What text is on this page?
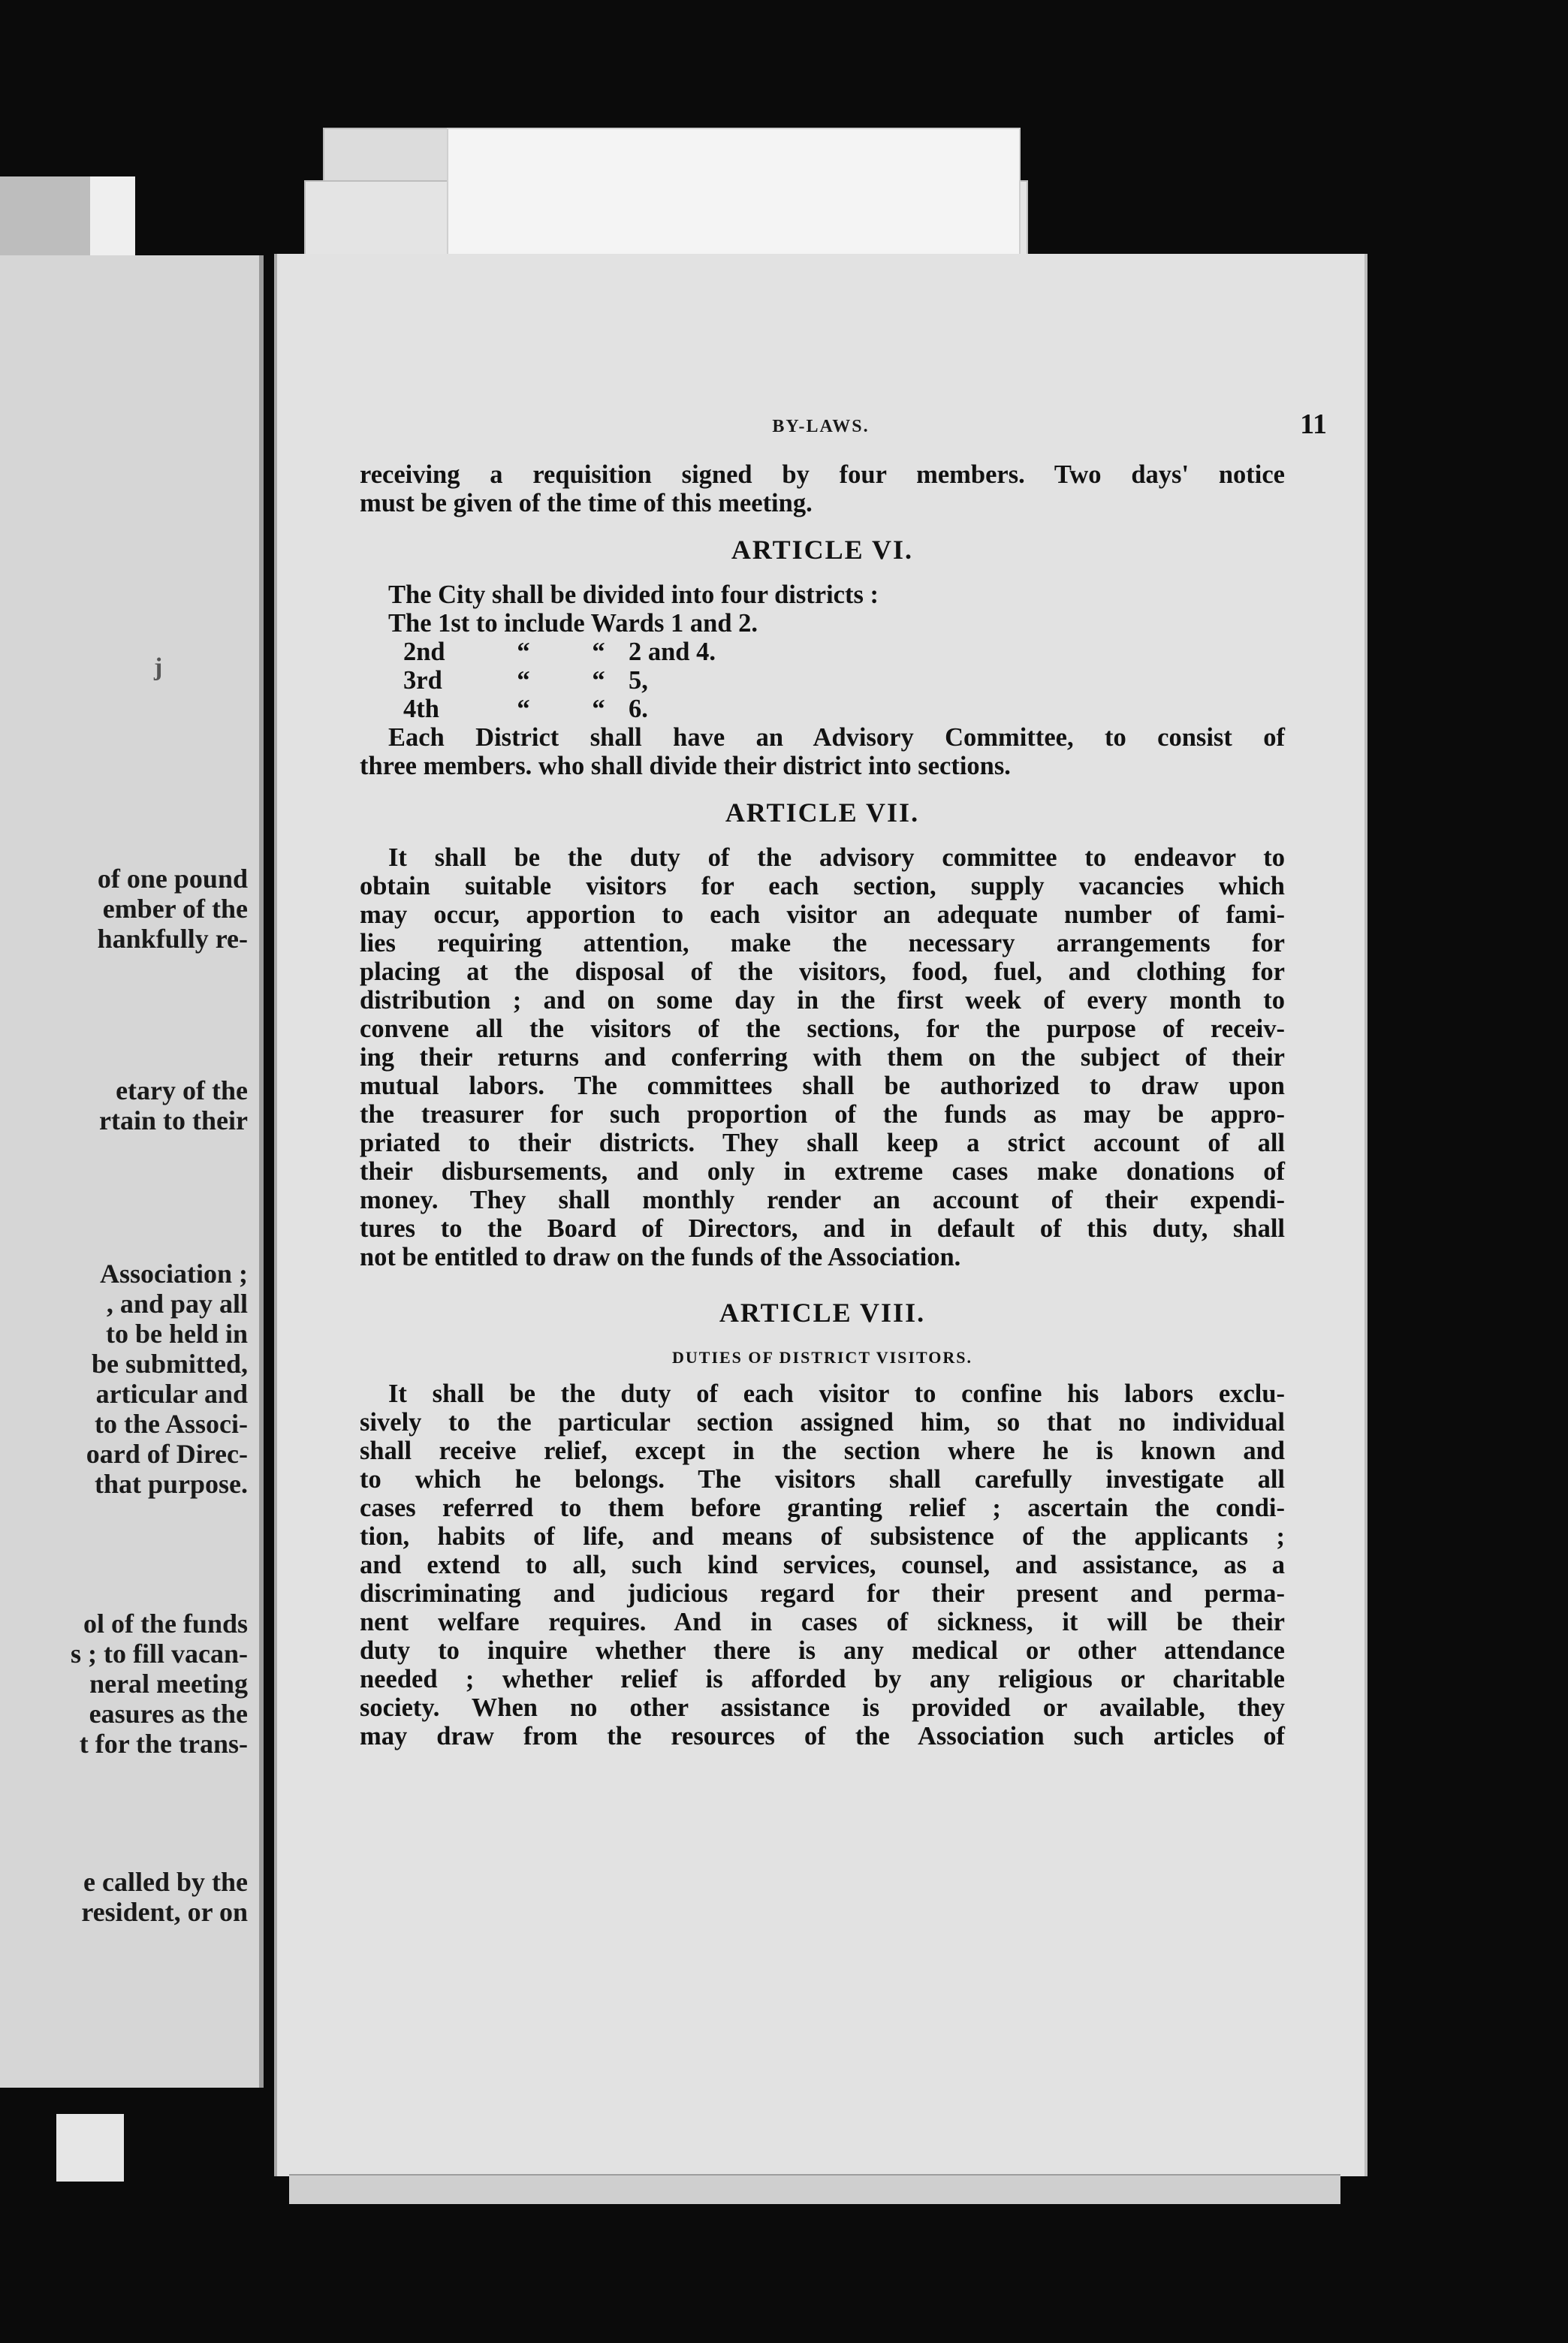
j
of one pound
ember of the
hankfully re-
etary of the
rtain to their
Association ;
, and pay all
to be held in
be submitted,
articular and
to the Associ-
oard of Direc-
that purpose.
ol of the funds
s ; to fill vacan-
neral meeting
easures as the
t for the trans-
e called by the
resident, or on
BY-LAWS.	11

receiving a requisition signed by four members. Two days' notice
must be given of the time of this meeting.

ARTICLE VI.
The City shall be divided into four districts :
The 1st to include Wards 1 and 2.
2nd	“	“ 2 and 4.
3rd	“	“ 5,
4th	“	“ 6.

Each District shall have an Advisory Committee, to consist of
three members. who shall divide their district into sections.

ARTICLE VII.

It shall be the duty of the advisory committee to endeavor to
obtain suitable visitors for each section, supply vacancies which
may occur, apportion to each visitor an adequate number of fami-
lies requiring attention, make the necessary arrangements for
placing at the disposal of the visitors, food, fuel, and clothing for
distribution ; and on some day in the first week of every month to
convene all the visitors of the sections, for the purpose of receiv-
ing their returns and conferring with them on the subject of their
mutual labors. The committees shall be authorized to draw upon
the treasurer for such proportion of the funds as may be appro-
priated to their districts. They shall keep a strict account of all
their disbursements, and only in extreme cases make donations of
money. They shall monthly render an account of their expendi-
tures to the Board of Directors, and in default of this duty, shall
not be entitled to draw on the funds of the Association.

ARTICLE VIII.
DUTIES OF DISTRICT VISITORS.

It shall be the duty of each visitor to confine his labors exclu-
sively to the particular section assigned him, so that no individual
shall receive relief, except in the section where he is known and
to which he belongs. The visitors shall carefully investigate all
cases referred to them before granting relief ; ascertain the condi-
tion, habits of life, and means of subsistence of the applicants ;
and extend to all, such kind services, counsel, and assistance, as a
discriminating and judicious regard for their present and perma-
nent welfare requires. And in cases of sickness, it will be their
duty to inquire whether there is any medical or other attendance
needed ; whether relief is afforded by any religious or charitable
society. When no other assistance is provided or available, they
may draw from the resources of the Association such articles of
